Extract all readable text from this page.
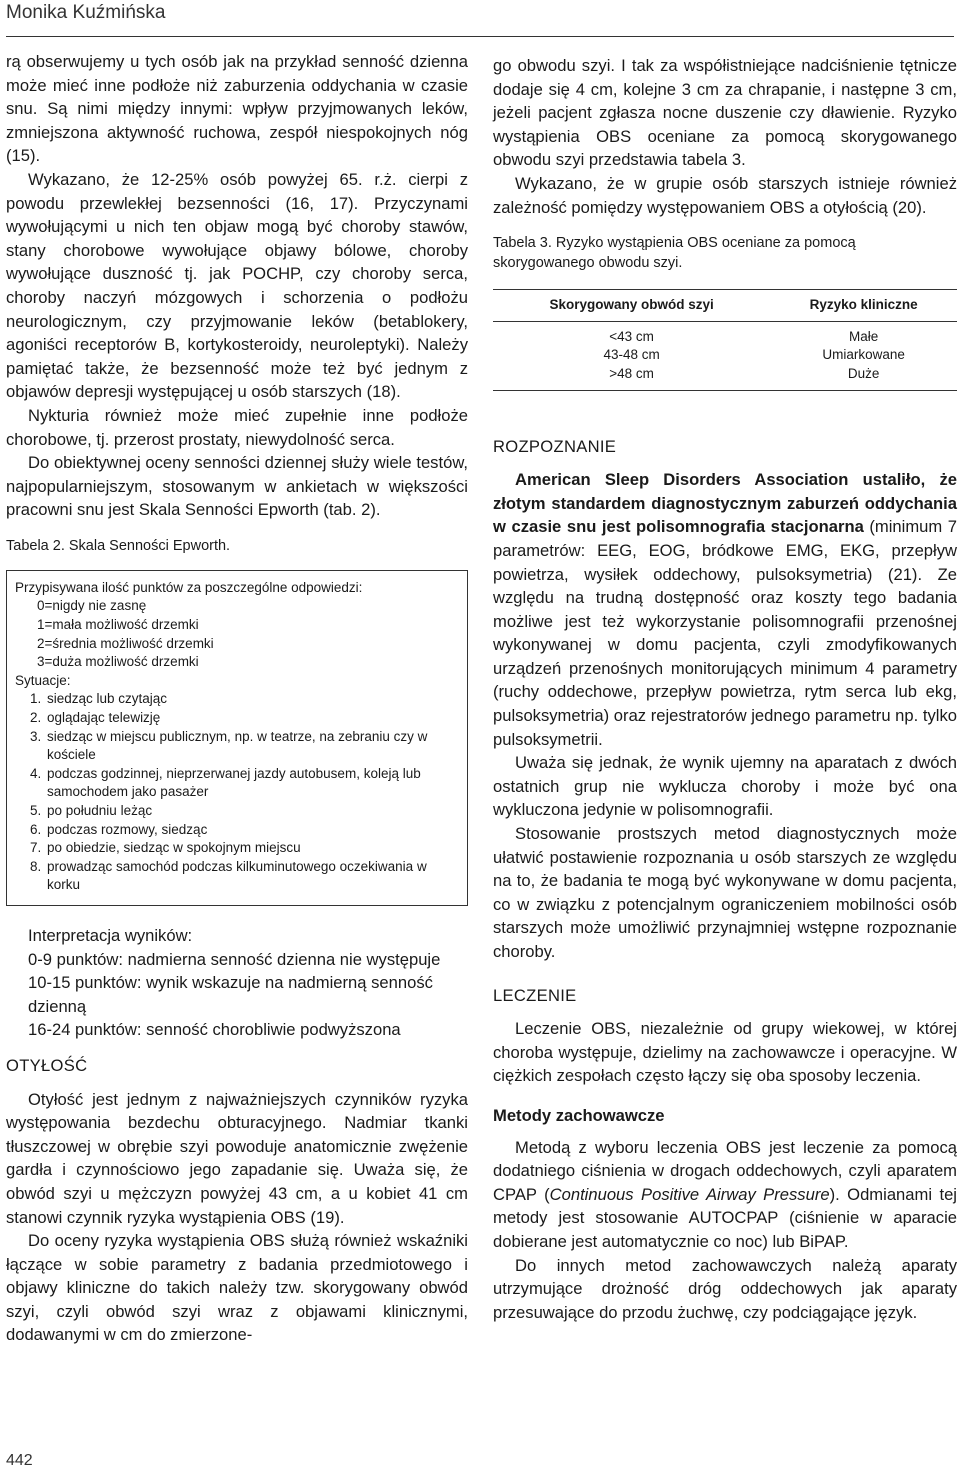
Monika Kuźmińska

rą obserwujemy u tych osób jak na przykład senność dzienna może mieć inne podłoże niż zaburzenia oddychania w czasie snu. Są nimi między innymi: wpływ przyjmowanych leków, zmniejszona aktywność ruchowa, zespół niespokojnych nóg (15).

Wykazano, że 12-25% osób powyżej 65. r.ż. cierpi z powodu przewlekłej bezsenności (16, 17). Przyczynami wywołującymi u nich ten objaw mogą być choroby stawów, stany chorobowe wywołujące objawy bólowe, choroby wywołujące duszność tj. jak POCHP, czy choroby serca, choroby naczyń mózgowych i schorzenia o podłożu neurologicznym, czy przyjmowanie leków (betablokery, agoniści receptorów B, kortykosteroidy, neuroleptyki). Należy pamiętać także, że bezsenność może też być jednym z objawów depresji występującej u osób starszych (18).

Nykturia również może mieć zupełnie inne podłoże chorobowe, tj. przerost prostaty, niewydolność serca.

Do obiektywnej oceny senności dziennej służy wiele testów, najpopularniejszym, stosowanym w ankietach w większości pracowni snu jest Skala Senności Epworth (tab. 2).

Tabela 2. Skala Senności Epworth.
Przypisywana ilość punktów za poszczególne odpowiedzi:
0=nigdy nie zasnę
1=mała możliwość drzemki
2=średnia możliwość drzemki
3=duża możliwość drzemki
Sytuacje:
1. siedząc lub czytając
2. oglądając telewizję
3. siedząc w miejscu publicznym, np. w teatrze, na zebraniu czy w kościele
4. podczas godzinnej, nieprzerwanej jazdy autobusem, koleją lub samochodem jako pasażer
5. po południu leżąc
6. podczas rozmowy, siedząc
7. po obiedzie, siedząc w spokojnym miejscu
8. prowadząc samochód podczas kilkuminutowego oczekiwania w korku
Interpretacja wyników:
0-9 punktów: nadmierna senność dzienna nie występuje
10-15 punktów: wynik wskazuje na nadmierną senność dzienną
16-24 punktów: senność chorobliwie podwyższona
OTYŁOŚĆ

Otyłość jest jednym z najważniejszych czynników ryzyka występowania bezdechu obturacyjnego. Nadmiar tkanki tłuszczowej w obrębie szyi powoduje anatomicznie zwężenie gardła i czynnościowo jego zapadanie się. Uważa się, że obwód szyi u mężczyzn powyżej 43 cm, a u kobiet 41 cm stanowi czynnik ryzyka wystąpienia OBS (19).

Do oceny ryzyka wystąpienia OBS służą również wskaźniki łączące w sobie parametry z badania przedmiotowego i objawy kliniczne do takich należy tzw. skorygowany obwód szyi, czyli obwód szyi wraz z objawami klinicznymi, dodawanymi w cm do zmierzone-

go obwodu szyi. I tak za współistniejące nadciśnienie tętnicze dodaje się 4 cm, kolejne 3 cm za chrapanie, i następne 3 cm, jeżeli pacjent zgłasza nocne duszenie czy dławienie. Ryzyko wystąpienia OBS oceniane za pomocą skorygowanego obwodu szyi przedstawia tabela 3.

Wykazano, że w grupie osób starszych istnieje również zależność pomiędzy występowaniem OBS a otyłością (20).

Tabela 3. Ryzyko wystąpienia OBS oceniane za pomocą skorygowanego obwodu szyi.
Skorygowany obwód szyi	Ryzyko kliniczne
<43 cm	Małe
43-48 cm	Umiarkowane
>48 cm	Duże
ROZPOZNANIE

American Sleep Disorders Association ustaliło, że złotym standardem diagnostycznym zaburzeń oddychania w czasie snu jest polisomnografia stacjonarna (minimum 7 parametrów: EEG, EOG, bródkowe EMG, EKG, przepływ powietrza, wysiłek oddechowy, pulsoksymetria) (21). Ze względu na trudną dostępność oraz koszty tego badania możliwe jest też wykorzystanie polisomnografii przenośnej wykonywanej w domu pacjenta, czyli zmodyfikowanych urządzeń przenośnych monitorujących minimum 4 parametry (ruchy oddechowe, przepływ powietrza, rytm serca lub ekg, pulsoksymetria) oraz rejestratorów jednego parametru np. tylko pulsoksymetrii.

Uważa się jednak, że wynik ujemny na aparatach z dwóch ostatnich grup nie wyklucza choroby i może być ona wykluczona jedynie w polisomnografii.

Stosowanie prostszych metod diagnostycznych może ułatwić postawienie rozpoznania u osób starszych ze względu na to, że badania te mogą być wykonywane w domu pacjenta, co w związku z potencjalnym ograniczeniem mobilności osób starszych może umożliwić przynajmniej wstępne rozpoznanie choroby.

LECZENIE

Leczenie OBS, niezależnie od grupy wiekowej, w której choroba występuje, dzielimy na zachowawcze i operacyjne. W ciężkich zespołach często łączy się oba sposoby leczenia.

Metody zachowawcze

Metodą z wyboru leczenia OBS jest leczenie za pomocą dodatniego ciśnienia w drogach oddechowych, czyli aparatem CPAP (Continuous Positive Airway Pressure). Odmianami tej metody jest stosowanie AUTOCPAP (ciśnienie w aparacie dobierane jest automatycznie co noc) lub BiPAP.

Do innych metod zachowawczych należą aparaty utrzymujące drożność dróg oddechowych jak aparaty przesuwające do przodu żuchwę, czy podciągające język.

442
